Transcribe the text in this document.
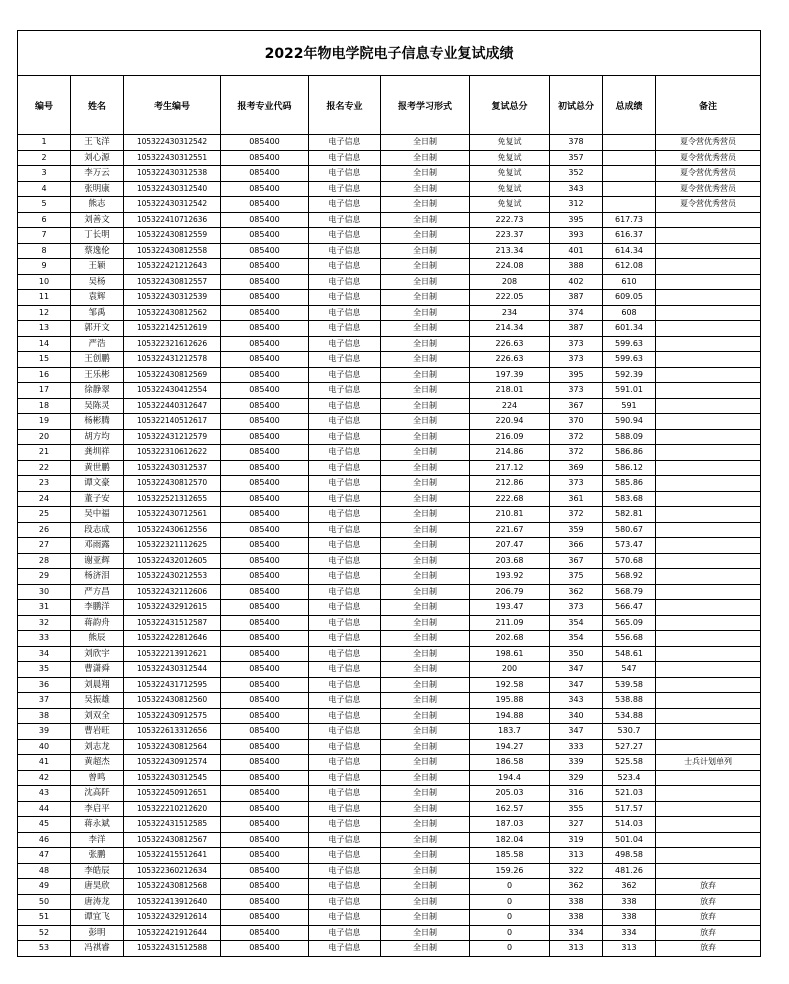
2022年物电学院电子信息专业复试成绩									
编号	姓名	考生编号	报考专业代码	报名专业	报考学习形式	复试总分	初试总分	总成绩	备注
1	王飞洋	105322430312542	085400	电子信息	全日制	免复试	378		夏令营优秀营员
2	刘心源	105322430312551	085400	电子信息	全日制	免复试	357		夏令营优秀营员
3	李万云	105322430312538	085400	电子信息	全日制	免复试	352		夏令营优秀营员
4	张明康	105322430312540	085400	电子信息	全日制	免复试	343		夏令营优秀营员
5	熊志	105322430312542	085400	电子信息	全日制	免复试	312		夏令营优秀营员
6	刘善文	105322410712636	085400	电子信息	全日制	222.73	395	617.73	
7	丁长明	105322430812559	085400	电子信息	全日制	223.37	393	616.37	
8	蔡逸伦	105322430812558	085400	电子信息	全日制	213.34	401	614.34	
9	王颖	105322421212643	085400	电子信息	全日制	224.08	388	612.08	
10	吴杨	105322430812557	085400	电子信息	全日制	208	402	610	
11	袁辉	105322430312539	085400	电子信息	全日制	222.05	387	609.05	
12	邹禹	105322430812562	085400	电子信息	全日制	234	374	608	
13	郭开文	105322142512619	085400	电子信息	全日制	214.34	387	601.34	
14	严浩	105322321612626	085400	电子信息	全日制	226.63	373	599.63	
15	王创鹏	105322431212578	085400	电子信息	全日制	226.63	373	599.63	
16	王乐彬	105322430812569	085400	电子信息	全日制	197.39	395	592.39	
17	徐静翠	105322430412554	085400	电子信息	全日制	218.01	373	591.01	
18	吴陈灵	105322440312647	085400	电子信息	全日制	224	367	591	
19	杨彬腾	105322140512617	085400	电子信息	全日制	220.94	370	590.94	
20	胡方均	105322431212579	085400	电子信息	全日制	216.09	372	588.09	
21	龚圳祥	105322310612622	085400	电子信息	全日制	214.86	372	586.86	
22	黄世鹏	105322430312537	085400	电子信息	全日制	217.12	369	586.12	
23	谭文豪	105322430812570	085400	电子信息	全日制	212.86	373	585.86	
24	董子安	105322521312655	085400	电子信息	全日制	222.68	361	583.68	
25	吴中福	105322430712561	085400	电子信息	全日制	210.81	372	582.81	
26	段志成	105322430612556	085400	电子信息	全日制	221.67	359	580.67	
27	邓雨露	105322321112625	085400	电子信息	全日制	207.47	366	573.47	
28	谢亚辉	105322432012605	085400	电子信息	全日制	203.68	367	570.68	
29	杨济泪	105322430212553	085400	电子信息	全日制	193.92	375	568.92	
30	严方昌	105322432112606	085400	电子信息	全日制	206.79	362	568.79	
31	李鹏洋	105322432912615	085400	电子信息	全日制	193.47	373	566.47	
32	蒋韵舟	105322431512587	085400	电子信息	全日制	211.09	354	565.09	
33	熊辰	105322422812646	085400	电子信息	全日制	202.68	354	556.68	
34	刘欣宇	105322213912621	085400	电子信息	全日制	198.61	350	548.61	
35	曹潇舜	105322430312544	085400	电子信息	全日制	200	347	547	
36	刘晨翔	105322431712595	085400	电子信息	全日制	192.58	347	539.58	
37	吴振雄	105322430812560	085400	电子信息	全日制	195.88	343	538.88	
38	刘双全	105322430912575	085400	电子信息	全日制	194.88	340	534.88	
39	曹岩旺	105322613312656	085400	电子信息	全日制	183.7	347	530.7	
40	刘志龙	105322430812564	085400	电子信息	全日制	194.27	333	527.27	
41	黄超杰	105322430912574	085400	电子信息	全日制	186.58	339	525.58	士兵计划单列
42	曾鸣	105322430312545	085400	电子信息	全日制	194.4	329	523.4	
43	沈高阡	105322450912651	085400	电子信息	全日制	205.03	316	521.03	
44	李启平	105322210212620	085400	电子信息	全日制	162.57	355	517.57	
45	蒋永斌	105322431512585	085400	电子信息	全日制	187.03	327	514.03	
46	李洋	105322430812567	085400	电子信息	全日制	182.04	319	501.04	
47	张鹏	105322415512641	085400	电子信息	全日制	185.58	313	498.58	
48	李皓辰	105322360212634	085400	电子信息	全日制	159.26	322	481.26	
49	唐昊欣	105322430812568	085400	电子信息	全日制	0	362	362	放弃
50	唐涛龙	105322413912640	085400	电子信息	全日制	0	338	338	放弃
51	谭宜飞	105322432912614	085400	电子信息	全日制	0	338	338	放弃
52	彭明	105322421912644	085400	电子信息	全日制	0	334	334	放弃
53	冯祺睿	105322431512588	085400	电子信息	全日制	0	313	313	放弃
